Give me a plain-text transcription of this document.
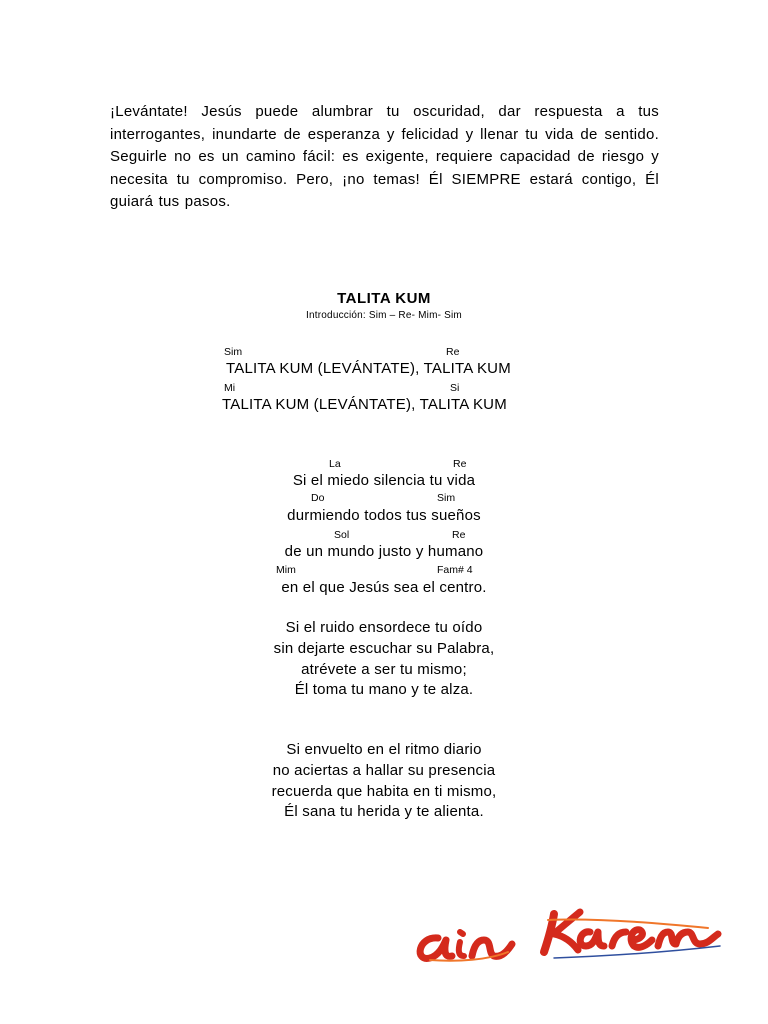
¡Levántate! Jesús puede alumbrar tu oscuridad, dar respuesta a tus interrogantes, inundarte de esperanza y felicidad y llenar tu vida de sentido. Seguirle no es un camino fácil: es exigente, requiere capacidad de riesgo y necesita tu compromiso. Pero, ¡no temas! Él SIEMPRE estará contigo, Él guiará tus pasos.

TALITA KUM
Introducción: Sim – Re- Mim- Sim
Sim	Re
TALITA KUM (LEVÁNTATE), TALITA KUM
Mi	Si
TALITA KUM (LEVÁNTATE), TALITA KUM
La	Re
Si el miedo silencia tu vida
Do	Sim
durmiendo todos tus sueños
Sol	Re
de un mundo justo y humano
Mim	Fam# 4
en el que Jesús sea el centro.
Si el ruido ensordece tu oído
sin dejarte escuchar su Palabra,
atrévete a ser tu mismo;
Él toma tu mano y te alza.
Si envuelto en el ritmo diario
no aciertas a hallar su presencia
recuerda que habita en ti mismo,
Él sana tu herida y te alienta.
